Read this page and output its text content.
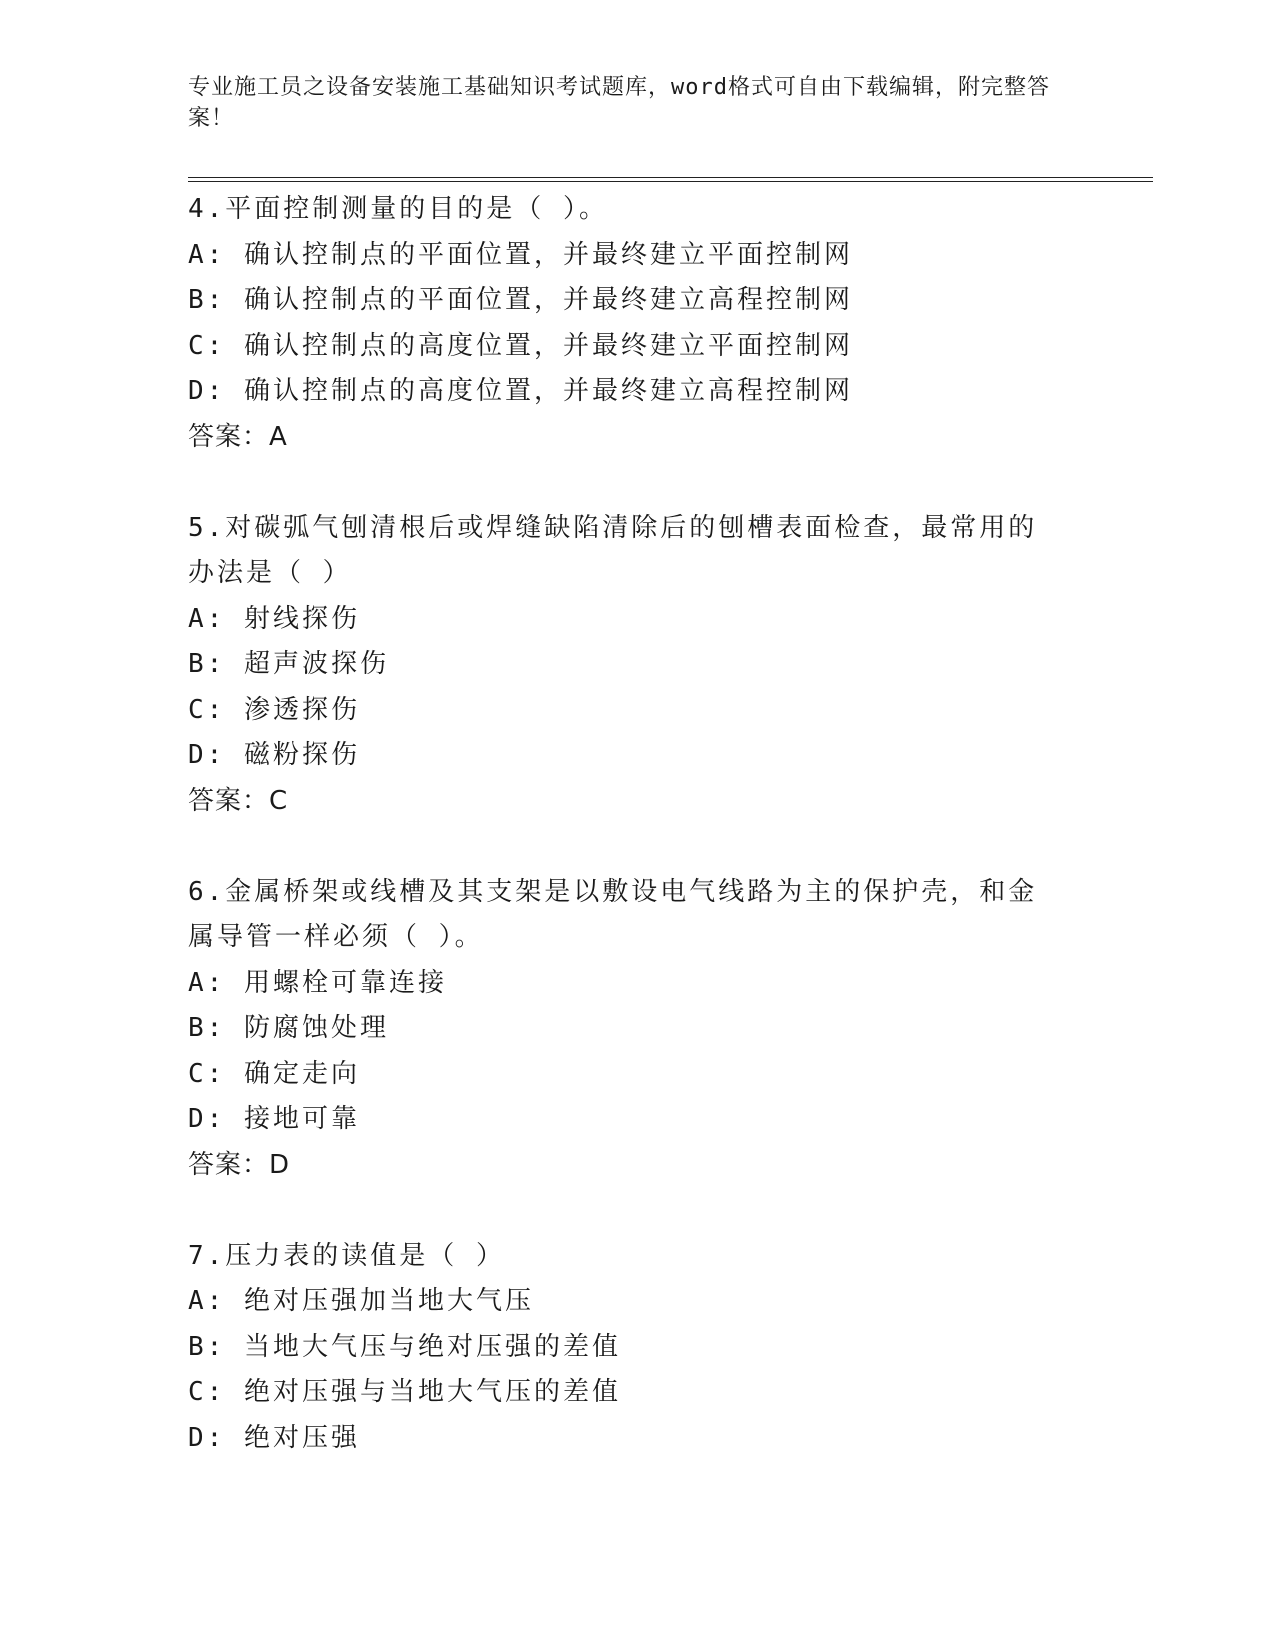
专业施工员之设备安装施工基础知识考试题库，word格式可自由下载编辑，附完整答案！
4.平面控制测量的目的是（ ）。
A: 确认控制点的平面位置，并最终建立平面控制网
B: 确认控制点的平面位置，并最终建立高程控制网
C: 确认控制点的高度位置，并最终建立平面控制网
D: 确认控制点的高度位置，并最终建立高程控制网
答案：A
5.对碳弧气刨清根后或焊缝缺陷清除后的刨槽表面检查，最常用的办法是（ ）
A: 射线探伤
B: 超声波探伤
C: 渗透探伤
D: 磁粉探伤
答案：C
6.金属桥架或线槽及其支架是以敷设电气线路为主的保护壳，和金属导管一样必须（ ）。
A: 用螺栓可靠连接
B: 防腐蚀处理
C: 确定走向
D: 接地可靠
答案：D
7.压力表的读值是（ ）
A: 绝对压强加当地大气压
B: 当地大气压与绝对压强的差值
C: 绝对压强与当地大气压的差值
D: 绝对压强
